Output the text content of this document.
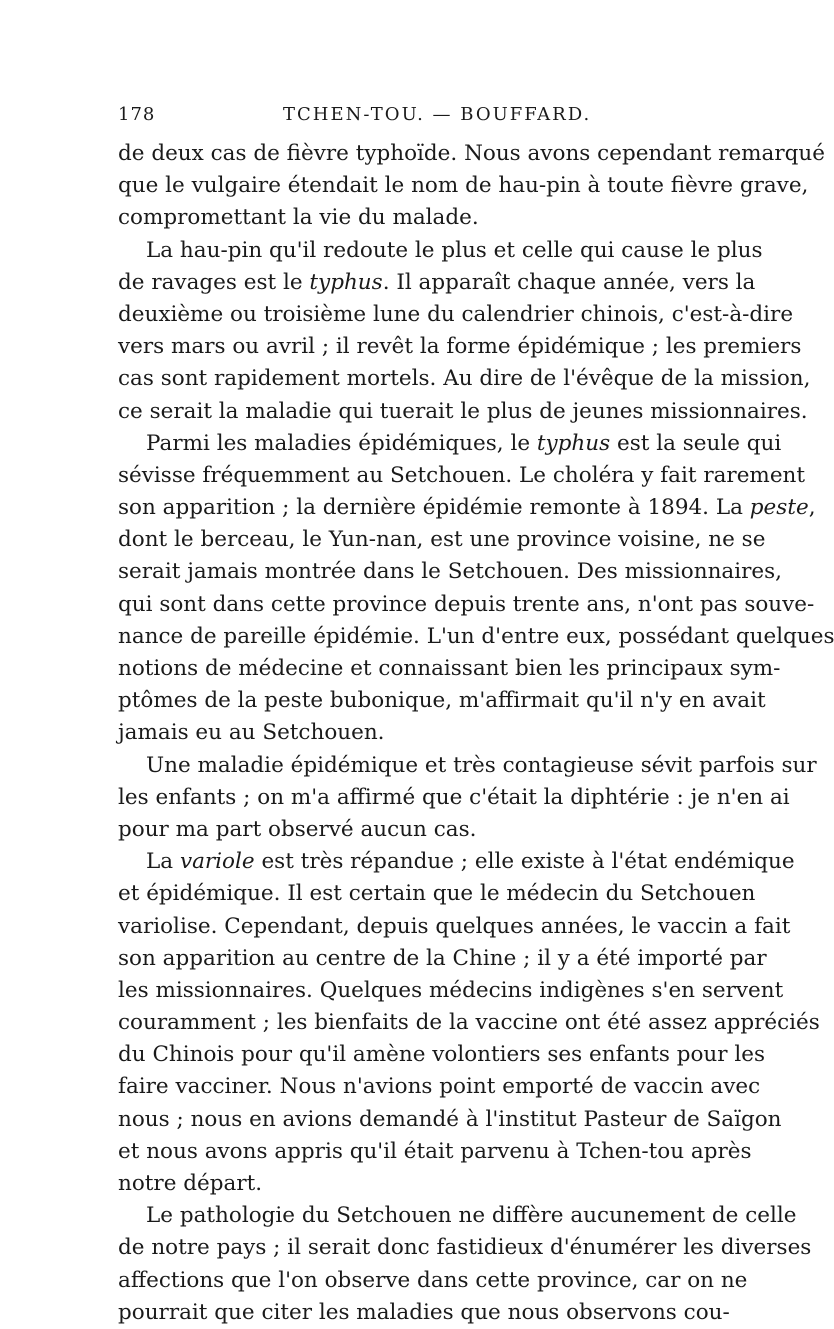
178	TCHEN-TOU. — BOUFFARD.
de deux cas de fièvre typhoïde. Nous avons cependant remarqué
que le vulgaire étendait le nom de hau-pin à toute fièvre grave,
compromettant la vie du malade.
La hau-pin qu'il redoute le plus et celle qui cause le plus
de ravages est le typhus. Il apparaît chaque année, vers la
deuxième ou troisième lune du calendrier chinois, c'est-à-dire
vers mars ou avril ; il revêt la forme épidémique ; les premiers
cas sont rapidement mortels. Au dire de l'évêque de la mission,
ce serait la maladie qui tuerait le plus de jeunes missionnaires.
Parmi les maladies épidémiques, le typhus est la seule qui
sévisse fréquemment au Setchouen. Le choléra y fait rarement
son apparition ; la dernière épidémie remonte à 1894. La peste,
dont le berceau, le Yun-nan, est une province voisine, ne se
serait jamais montrée dans le Setchouen. Des missionnaires,
qui sont dans cette province depuis trente ans, n'ont pas souve-
nance de pareille épidémie. L'un d'entre eux, possédant quelques
notions de médecine et connaissant bien les principaux sym-
ptômes de la peste bubonique, m'affirmait qu'il n'y en avait
jamais eu au Setchouen.
Une maladie épidémique et très contagieuse sévit parfois sur
les enfants ; on m'a affirmé que c'était la diphtérie : je n'en ai
pour ma part observé aucun cas.
La variole est très répandue ; elle existe à l'état endémique
et épidémique. Il est certain que le médecin du Setchouen
variolise. Cependant, depuis quelques années, le vaccin a fait
son apparition au centre de la Chine ; il y a été importé par
les missionnaires. Quelques médecins indigènes s'en servent
couramment ; les bienfaits de la vaccine ont été assez appréciés
du Chinois pour qu'il amène volontiers ses enfants pour les
faire vacciner. Nous n'avions point emporté de vaccin avec
nous ; nous en avions demandé à l'institut Pasteur de Saïgon
et nous avons appris qu'il était parvenu à Tchen-tou après
notre départ.
Le pathologie du Setchouen ne diffère aucunement de celle
de notre pays ; il serait donc fastidieux d'énumérer les diverses
affections que l'on observe dans cette province, car on ne
pourrait que citer les maladies que nous observons cou-
